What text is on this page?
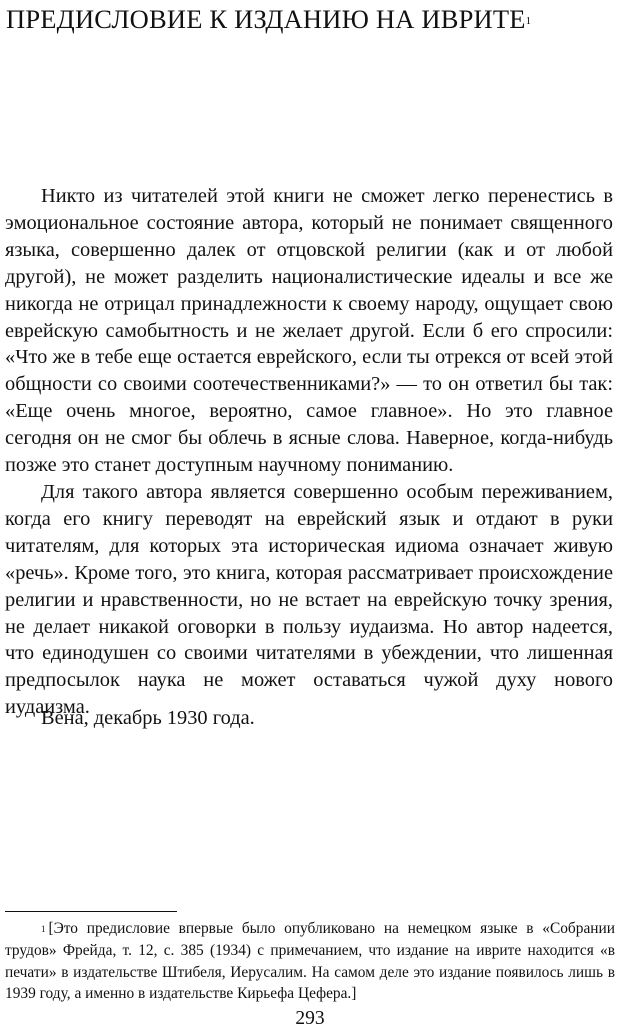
ПРЕДИСЛОВИЕ К ИЗДАНИЮ НА ИВРИТЕ$^1$

Никто из читателей этой книги не сможет легко перенестись в эмоциональное состояние автора, который не понимает священного языка, совершенно далек от отцовской религии (как и от любой другой), не может разделить националистические идеалы и все же никогда не отрицал принадлежности к своему народу, ощущает свою еврейскую самобытность и не желает другой. Если б его спросили: «Что же в тебе еще остается еврейского, если ты отрекся от всей этой общности со своими соотечественниками?» — то он ответил бы так: «Еще очень многое, вероятно, самое главное». Но это главное сегодня он не смог бы облечь в ясные слова. Наверное, когда-нибудь позже это станет доступным научному пониманию.

Для такого автора является совершенно особым переживанием, когда его книгу переводят на еврейский язык и отдают в руки читателям, для которых эта историческая идиома означает живую «речь». Кроме того, это книга, которая рассматривает происхождение религии и нравственности, но не встает на еврейскую точку зрения, не делает никакой оговорки в пользу иудаизма. Но автор надеется, что единодушен со своими читателями в убеждении, что лишенная предпосылок наука не может оставаться чужой духу нового иудаизма.

Вена, декабрь 1930 года.

$^1$ [Это предисловие впервые было опубликовано на немецком языке в «Собрании трудов» Фрейда, т. 12, с. 385 (1934) с примечанием, что издание на иврите находится «в печати» в издательстве Штибеля, Иерусалим. На самом деле это издание появилось лишь в 1939 году, а именно в издательстве Кирьефа Цефера.]

293
